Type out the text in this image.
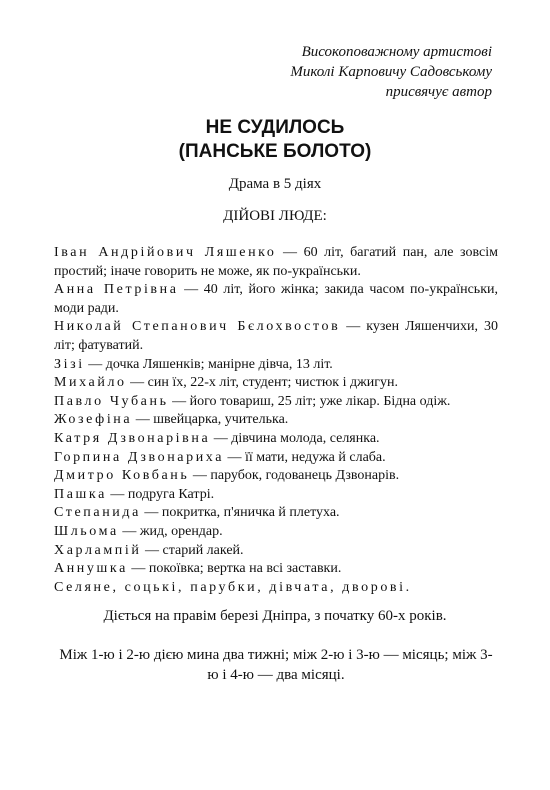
Високоповажному артистові
Миколі Карповичу Садовському
присвячує автор
НЕ СУДИЛОСЬ
(ПАНСЬКЕ БОЛОТО)
Драма в 5 діях
ДІЙОВІ ЛЮДЕ:
Іван Андрійович Ляшенко — 60 літ, багатий пан, але зовсім простий; іначе говорить не може, як по-українськи.
Анна Петрівна — 40 літ, його жінка; закида часом по-українськи, моди ради.
Николай Степанович Бєлохвостов — кузен Ляшенчихи, 30 літ; фатуватий.
Зізі — дочка Ляшенків; манірне дівча, 13 літ.
Михайло — син їх, 22-х літ, студент; чистюк і джигун.
Павло Чубань — його товариш, 25 літ; уже лікар. Бідна одіж.
Жозефіна — швейцарка, учителька.
Катря Дзвонарівна — дівчина молода, селянка.
Горпина Дзвонариха — її мати, недужа й слаба.
Дмитро Ковбань — парубок, годованець Дзвонарів.
Пашка — подруга Катрі.
Степанида — покритка, п'яничка й плетуха.
Шльома — жид, орендар.
Харлампій — старий лакей.
Аннушка — покоївка; вертка на всі заставки.
Селяне, соцькі, парубки, дівчата, дворові.
Діється на правім березі Дніпра, з початку 60-х років.
Між 1-ю і 2-ю дією мина два тижні; між 2-ю і 3-ю — місяць; між 3-ю і 4-ю — два місяці.
